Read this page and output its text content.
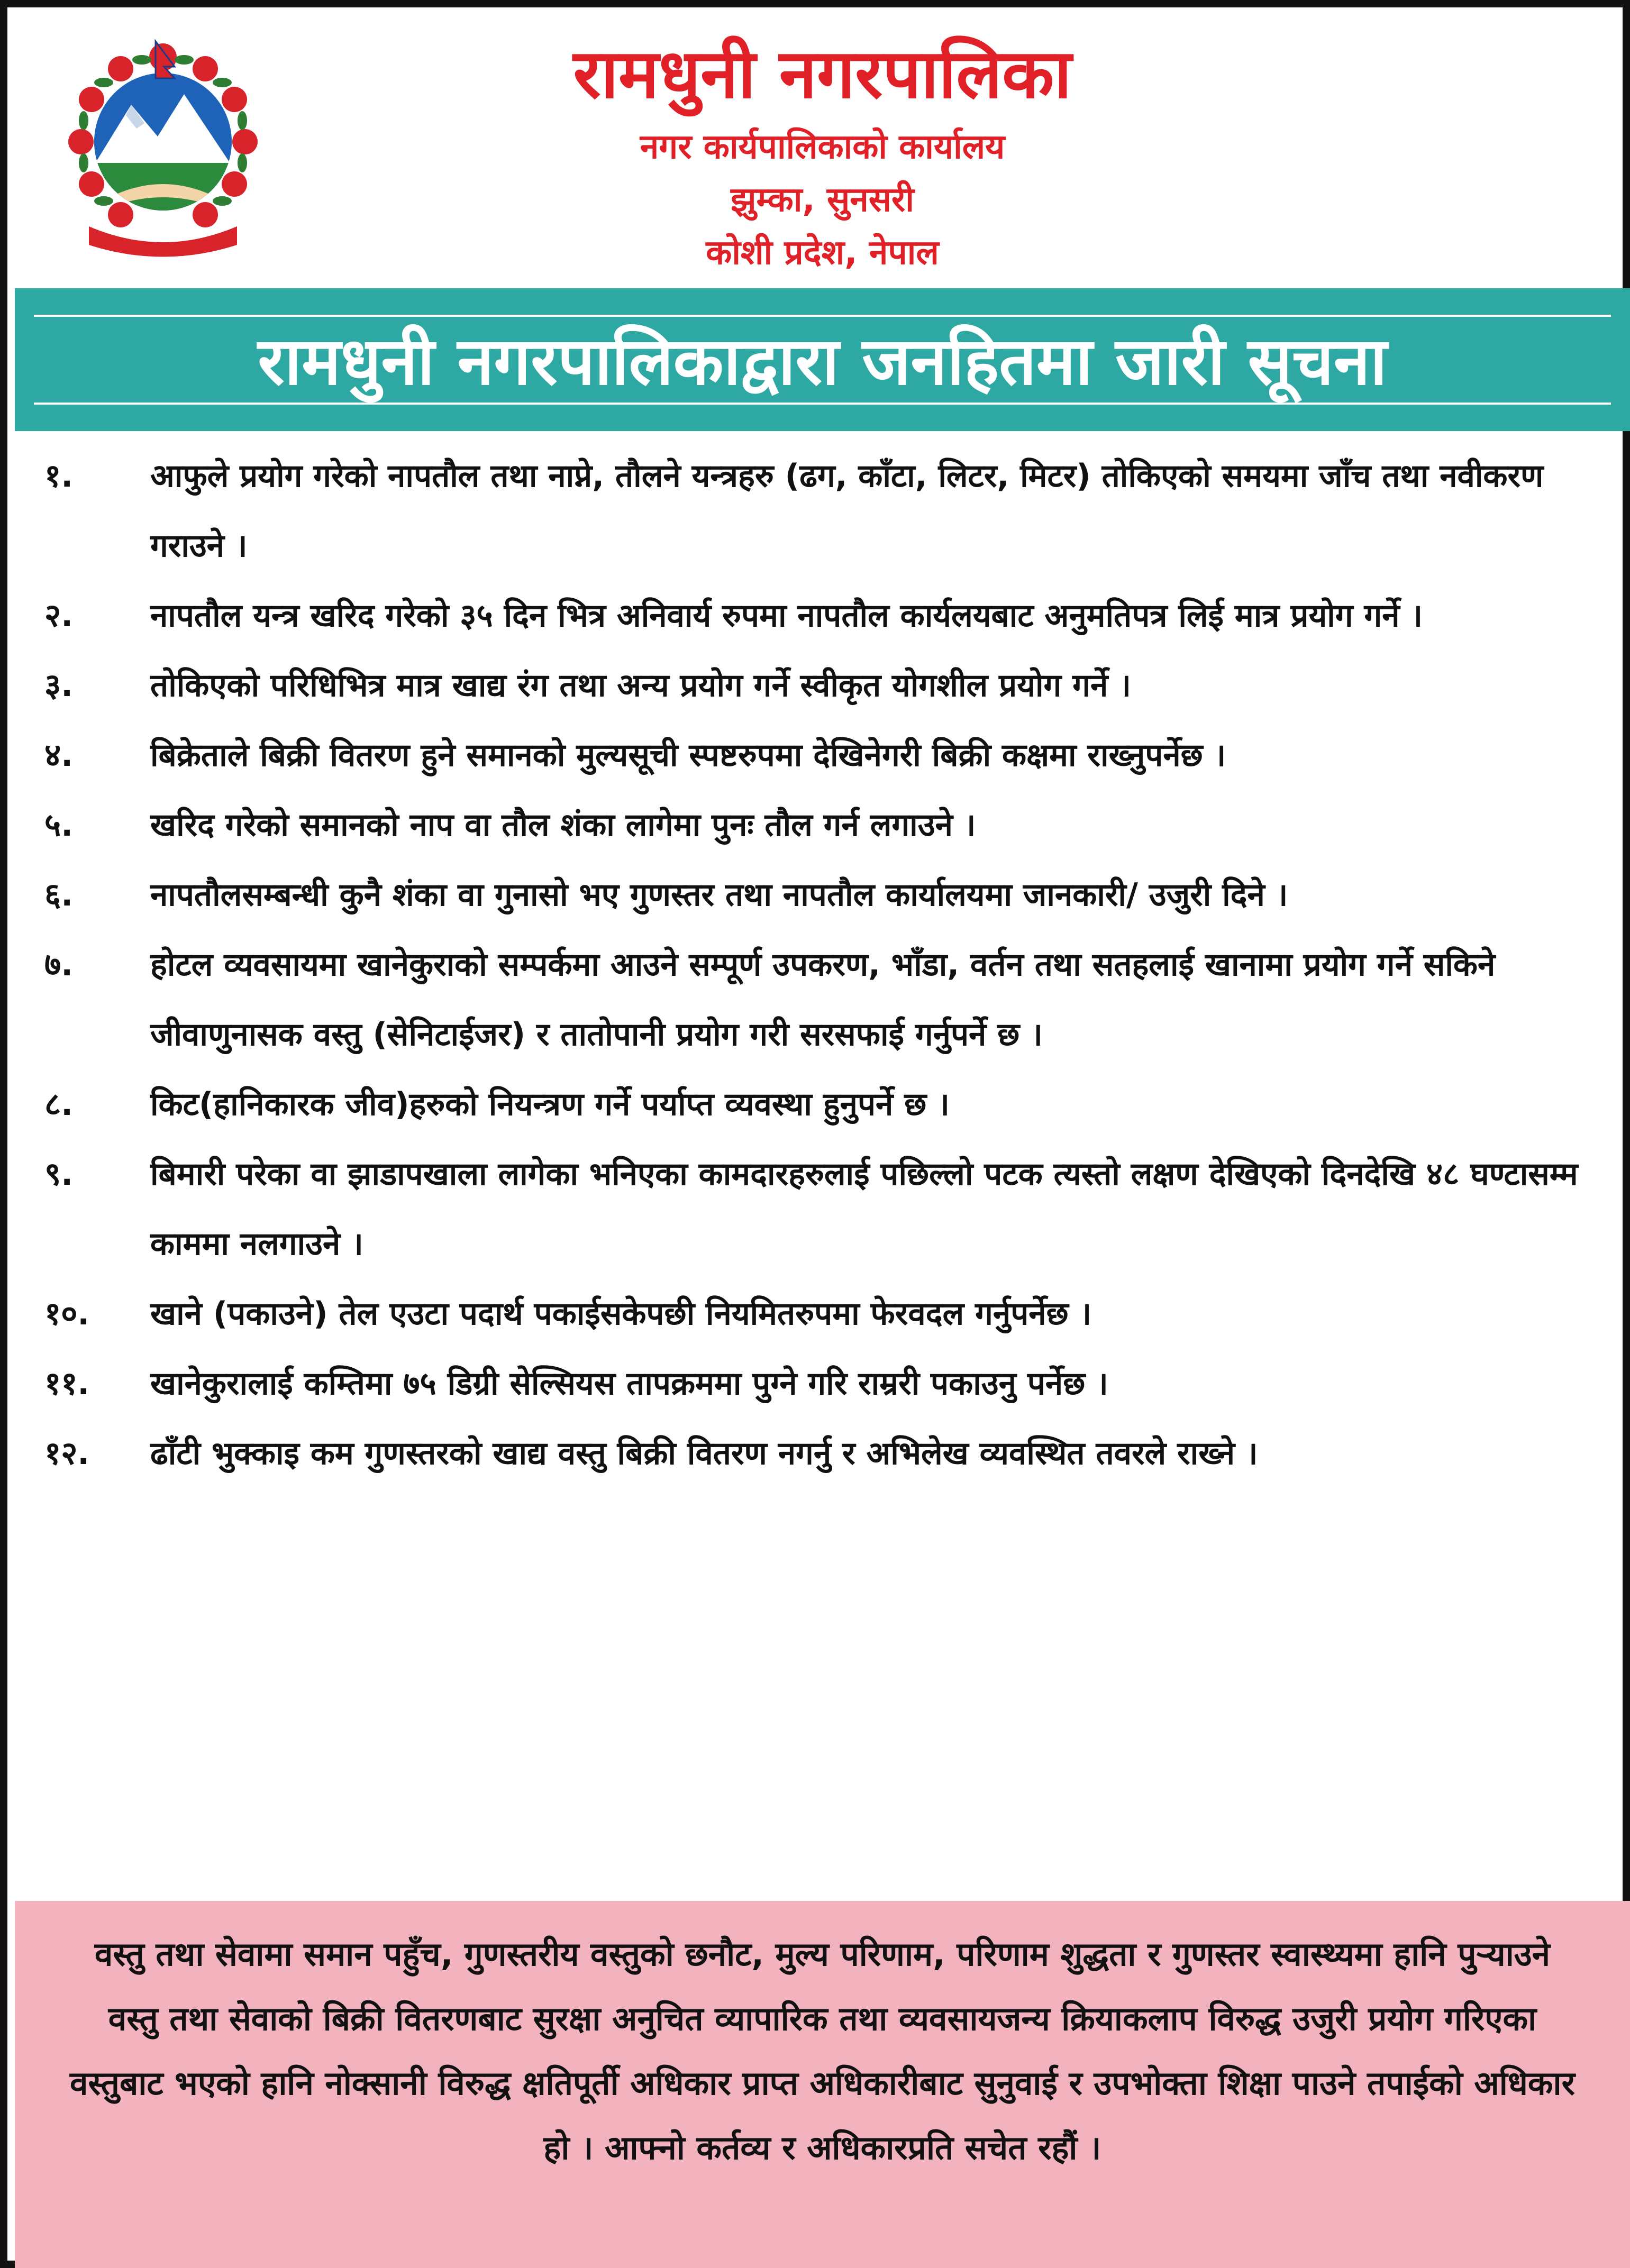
रामधुनी नगरपालिका
नगर कार्यपालिकाको कार्यालय
झुम्का, सुनसरी
कोशी प्रदेश, नेपाल
रामधुनी नगरपालिकाद्वारा जनहितमा जारी सूचना

१.	आफुले प्रयोग गरेको नापतौल तथा नाप्ने, तौलने यन्त्रहरु (ढग, काँटा, लिटर, मिटर) तोकिएको समयमा जाँच तथा नवीकरण गराउने ।

२.	नापतौल यन्त्र खरिद गरेको ३५ दिन भित्र अनिवार्य रुपमा नापतौल कार्यलयबाट अनुमतिपत्र लिई मात्र प्रयोग गर्ने ।

३.	तोकिएको परिधिभित्र मात्र खाद्य रंग तथा अन्य प्रयोग गर्ने स्वीकृत योगशील प्रयोग गर्ने ।

४.	बिक्रेताले बिक्री वितरण हुने समानको मुल्यसूची स्पष्टरुपमा देखिनेगरी बिक्री कक्षमा राख्नुपर्नेछ ।

५.	खरिद गरेको समानको नाप वा तौल शंका लागेमा पुनः तौल गर्न लगाउने ।

६.	नापतौलसम्बन्धी कुनै शंका वा गुनासो भए गुणस्तर तथा नापतौल कार्यालयमा जानकारी/ उजुरी दिने ।

७.	होटल व्यवसायमा खानेकुराको सम्पर्कमा आउने सम्पूर्ण उपकरण, भाँडा, वर्तन तथा सतहलाई खानामा प्रयोग गर्ने सकिने जीवाणुनासक वस्तु (सेनिटाईजर) र तातोपानी प्रयोग गरी सरसफाई गर्नुपर्ने छ ।

८.	किट(हानिकारक जीव)हरुको नियन्त्रण गर्ने पर्याप्त व्यवस्था हुनुपर्ने छ ।

९.	बिमारी परेका वा झाडापखाला लागेका भनिएका कामदारहरुलाई पछिल्लो पटक त्यस्तो लक्षण देखिएको दिनदेखि ४८ घण्टासम्म काममा नलगाउने ।

१०.	खाने (पकाउने) तेल एउटा पदार्थ पकाईसकेपछी नियमितरुपमा फेरवदल गर्नुपर्नेछ ।

११.	खानेकुरालाई कम्तिमा ७५ डिग्री सेल्सियस तापक्रममा पुग्ने गरि राम्ररी पकाउनु पर्नेछ ।

१२.	ढाँटी भुक्काइ कम गुणस्तरको खाद्य वस्तु बिक्री वितरण नगर्नु र अभिलेख व्यवस्थित तवरले राख्ने ।

वस्तु तथा सेवामा समान पहुँच, गुणस्तरीय वस्तुको छनौट, मुल्य परिणाम, परिणाम शुद्धता र गुणस्तर स्वास्थ्यमा हानि पुऱ्याउने वस्तु तथा सेवाको बिक्री वितरणबाट सुरक्षा अनुचित व्यापारिक तथा व्यवसायजन्य क्रियाकलाप विरुद्ध उजुरी प्रयोग गरिएका वस्तुबाट भएको हानि नोक्सानी विरुद्ध क्षतिपूर्ती अधिकार प्राप्त अधिकारीबाट सुनुवाई र उपभोक्ता शिक्षा पाउने तपाईको अधिकार हो । आफ्नो कर्तव्य र अधिकारप्रति सचेत रहौं ।
